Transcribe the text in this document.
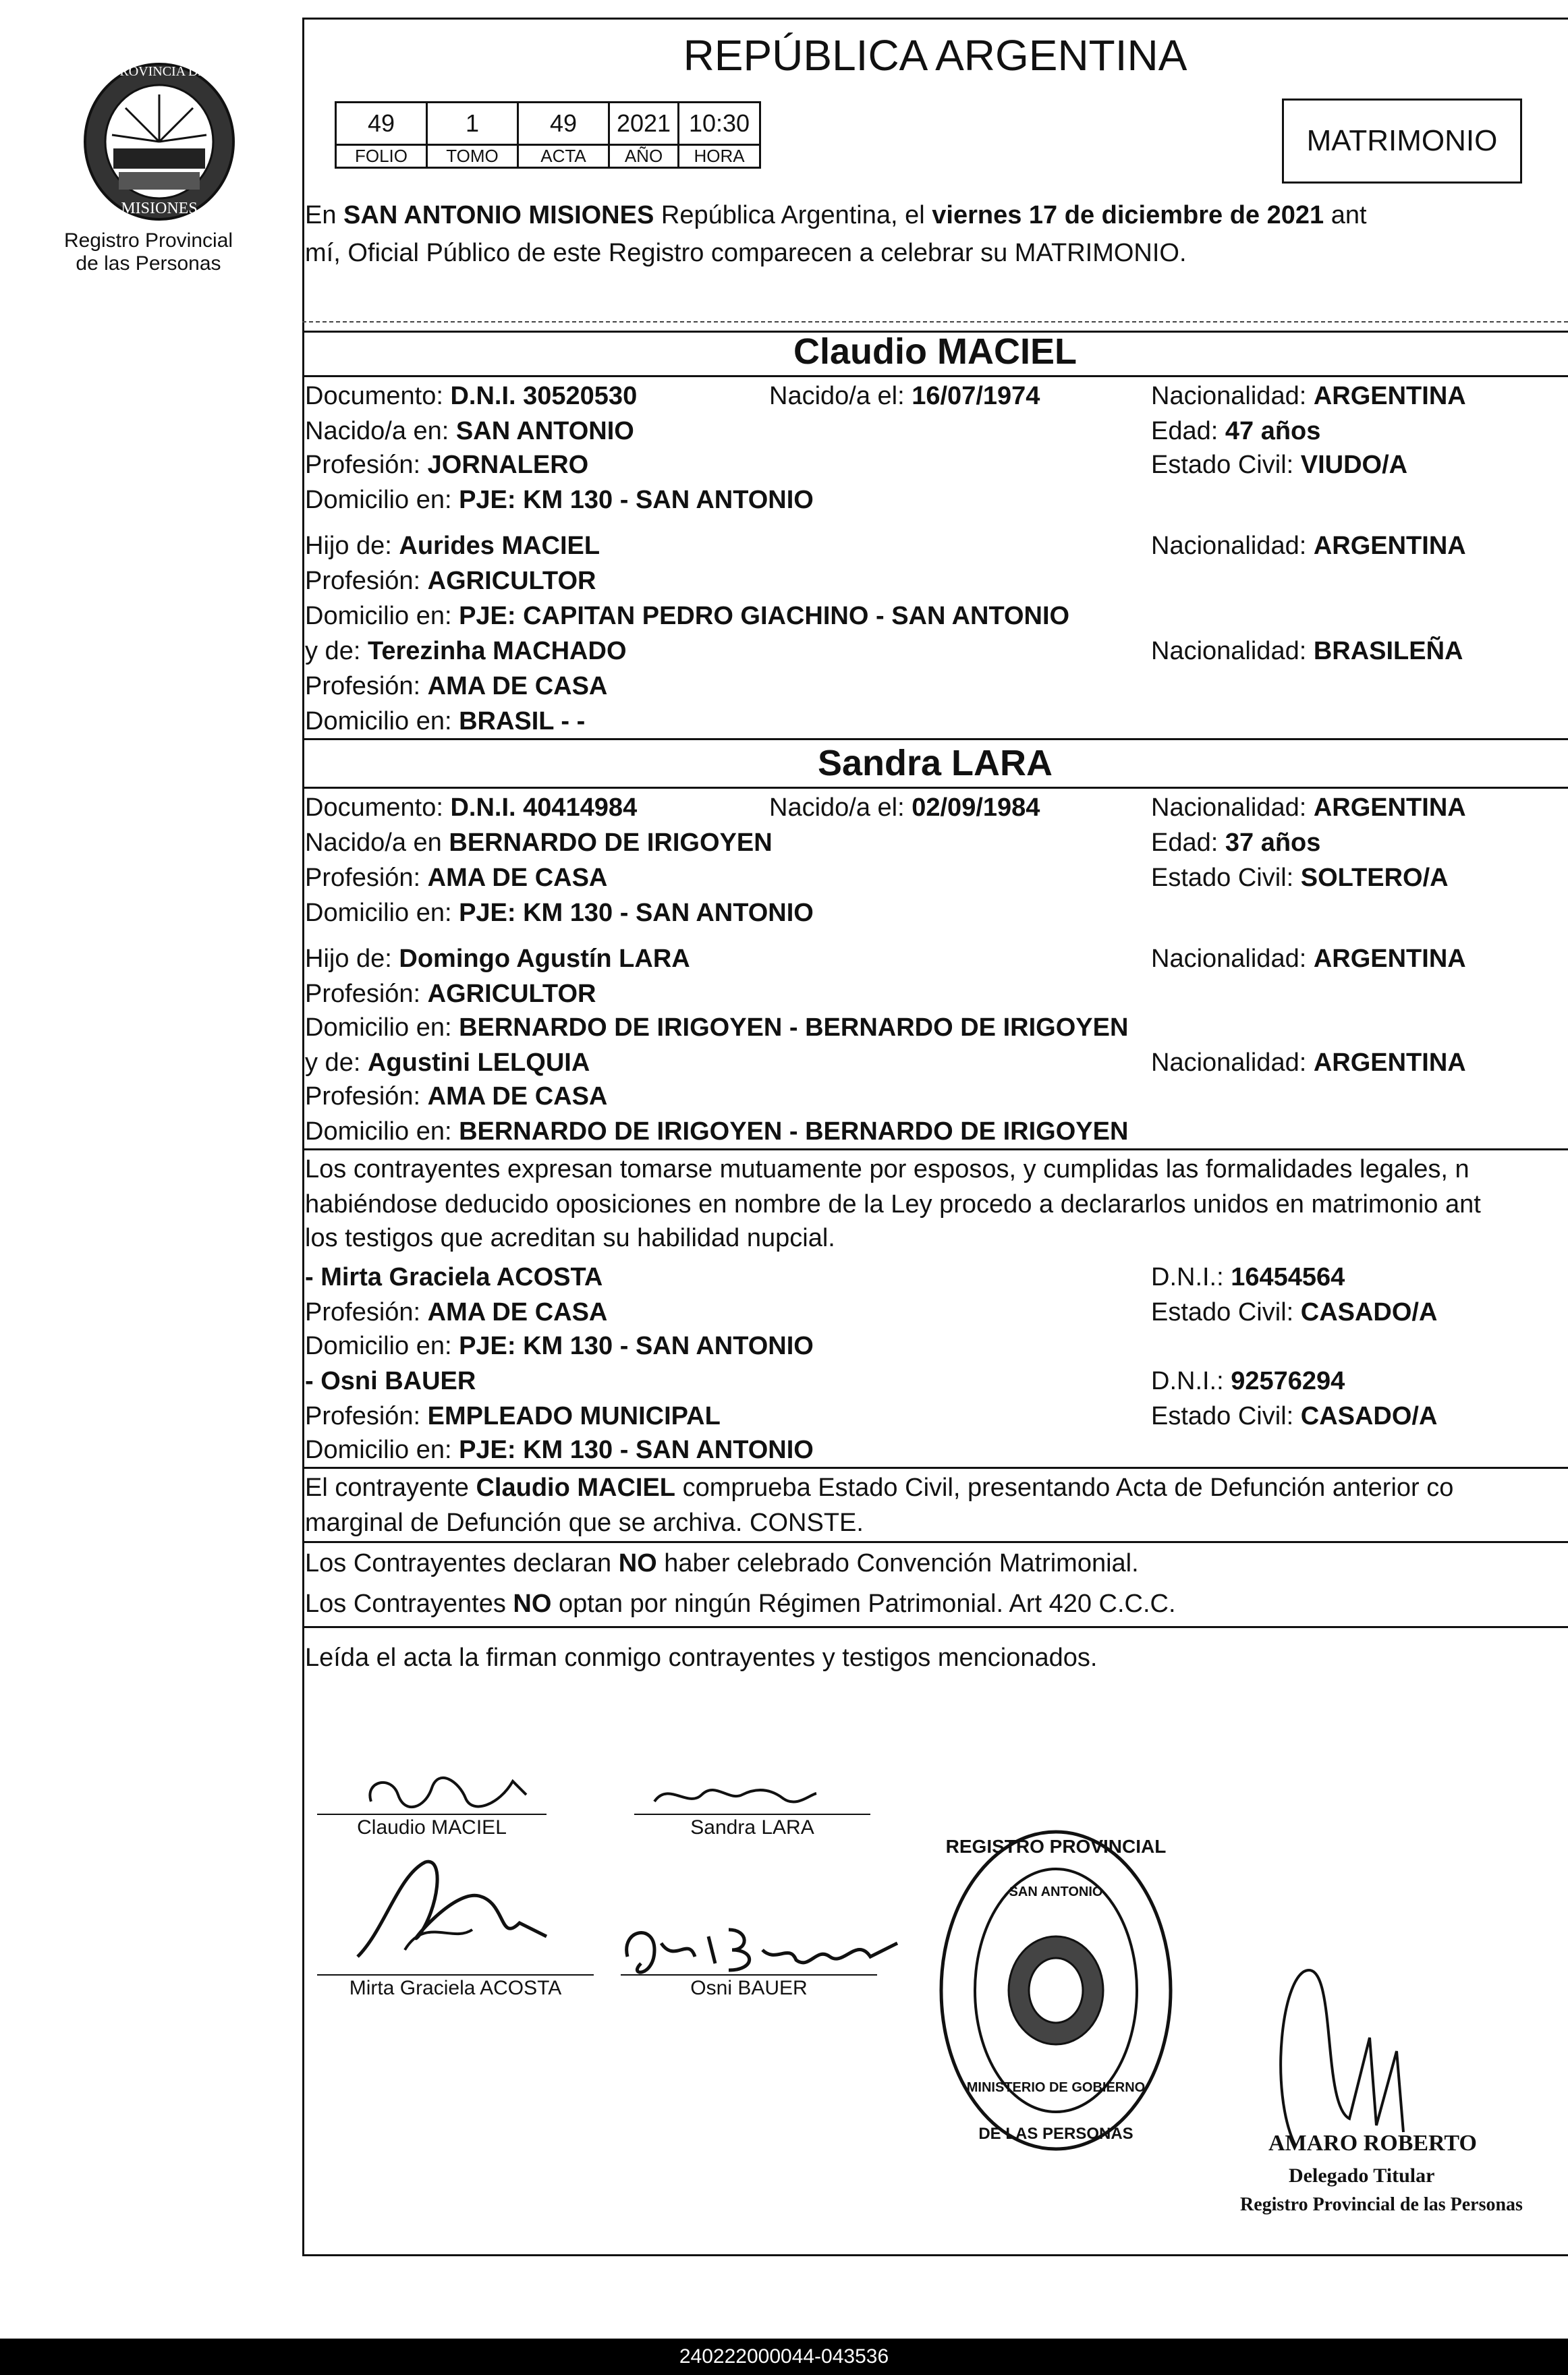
PROVINCIA DE
MISIONES
Registro Provincial
de las Personas
REPÚBLICA ARGENTINA
49	1	49	2021	10:30
FOLIO	TOMO	ACTA	AÑO	HORA	MATRIMONIO
En SAN ANTONIO MISIONES República Argentina, el viernes 17 de diciembre de 2021 ant
mí, Oficial Público de este Registro comparecen a celebrar su MATRIMONIO.
Claudio MACIEL
Documento: D.N.I. 30520530	Nacido/a el: 16/07/1974	Nacionalidad: ARGENTINA
Nacido/a en: SAN ANTONIO	Edad: 47 años
Profesión: JORNALERO	Estado Civil: VIUDO/A
Domicilio en: PJE: KM 130 - SAN ANTONIO
Hijo de: Aurides MACIEL	Nacionalidad: ARGENTINA
Profesión: AGRICULTOR
Domicilio en: PJE: CAPITAN PEDRO GIACHINO - SAN ANTONIO
y de: Terezinha MACHADO	Nacionalidad: BRASILEÑA
Profesión: AMA DE CASA
Domicilio en: BRASIL - -
Sandra LARA
Documento: D.N.I. 40414984	Nacido/a el: 02/09/1984	Nacionalidad: ARGENTINA
Nacido/a en BERNARDO DE IRIGOYEN	Edad: 37 años
Profesión: AMA DE CASA	Estado Civil: SOLTERO/A
Domicilio en: PJE: KM 130 - SAN ANTONIO
Hijo de: Domingo Agustín LARA	Nacionalidad: ARGENTINA
Profesión: AGRICULTOR
Domicilio en: BERNARDO DE IRIGOYEN - BERNARDO DE IRIGOYEN
y de: Agustini LELQUIA	Nacionalidad: ARGENTINA
Profesión: AMA DE CASA
Domicilio en: BERNARDO DE IRIGOYEN - BERNARDO DE IRIGOYEN
Los contrayentes expresan tomarse mutuamente por esposos, y cumplidas las formalidades legales, n
habiéndose deducido oposiciones en nombre de la Ley procedo a declararlos unidos en matrimonio ant
los testigos que acreditan su habilidad nupcial.
- Mirta Graciela ACOSTA	D.N.I.: 16454564
Profesión: AMA DE CASA	Estado Civil: CASADO/A
Domicilio en: PJE: KM 130 - SAN ANTONIO
- Osni BAUER	D.N.I.: 92576294
Profesión: EMPLEADO MUNICIPAL	Estado Civil: CASADO/A
Domicilio en: PJE: KM 130 - SAN ANTONIO
El contrayente Claudio MACIEL comprueba Estado Civil, presentando Acta de Defunción anterior co
marginal de Defunción que se archiva. CONSTE.
Los Contrayentes declaran NO haber celebrado Convención Matrimonial.
Los Contrayentes NO optan por ningún Régimen Patrimonial. Art 420 C.C.C.
Leída el acta la firman conmigo contrayentes y testigos mencionados.
Claudio MACIEL	Sandra LARA
Mirta Graciela ACOSTA	Osni BAUER
REGISTRO PROVINCIAL
DE LAS PERSONAS
SAN ANTONIO
MINISTERIO DE GOBIERNO
AMARO ROBERTO
Delegado Titular
Registro Provincial de las Personas
240222000044-043536
